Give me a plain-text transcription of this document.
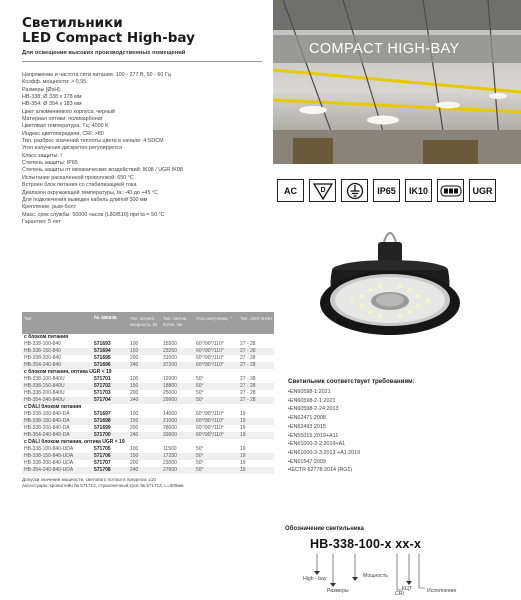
Светильники
LED Compact High-bay
Для освещения высоких производственных помещений
Напряжение и частота сети питания: 100 - 277 В, 50 - 60 Гц
Коэфф. мощности: > 0,95
Размеры [ØxH]:
HB-338: Ø 338 x 178 мм
HB-354: Ø 354 x 183 мм
Цвет алюминиевого корпуса: черный
Материал оптики: поликарбонат
Цветовая температура, Tц: 4000 K
Индекс цветопередачи, CRI: >80
Тип. разброс значений теплоты цвета в начале: 4 SDCM
Угол излучения дискретно регулируется
Класс защиты: I
Степень защиты: IP65
Степень защиты от механических воздействий: IK08 / UGR IK08
Испытание раскаленной проволокой: 650 °C
Встроен блок питания со стабилизацией тока
Диапазон окружающей температуры, ta: -40 до +45 °C
Для подключения выведен кабель длиной 300 мм
Крепление: рым-болт
Макс. срок службы: 50000 часов (L80/B10) при ta = 50 °C
Гарантия: 5 лет
COMPACT HIGH-BAY
AC	D	IP65	IK10	UGR
Тип	№ заказа	Тип. потреб. мощность, Вт	Тип. светов. поток, лм	Угол излучения, °	Тип. UGR 4H8H
с блоком питания					
HB-338-100-840	571693	100	15500	60°/90°/110°	27 - 28
HB-338-150-840	571694	150	23250	60°/90°/110°	27 - 28
HB-338-200-840	571695	200	31000	60°/90°/110°	27 - 28
HB-354-240-840	571696	240	37200	60°/90°/110°	27 - 28
с блоком питания, оптика UGR < 19					
HB-338-100-840U	571701	100	12000	50°	27 - 28
HB-338-150-840U	571702	150	18800	50°	27 - 28
HB-338-200-840U	571703	200	25000	50°	27 - 28
HB-354-240-840U	571704	240	29900	50°	27 - 28
с DALI блоком питания					
HB-338-100-840-DA	571697	100	14000	60°/90°/110°	19
HB-338-150-840-DA	571698	150	21000	60°/90°/110°	19
HB-338-200-840-DA	571699	200	28000	60°/90°/110°	19
HB-354-240-840-DA	571700	240	33600	60°/90°/110°	19
с DALI блоком питания, оптика UGR < 19					
HB-338-100-840-UDA	571705	100	11500	50°	19
HB-338-150-840-UDA	571706	150	17250	50°	19
HB-338-200-840-UDA	571707	200	23000	50°	19
HB-354-240-840-UDA	571708	240	27600	50°	19
Допуски значения мощности, светового потока в пределах ±10
Аксессуары: кронштейн № 571712, страховочный трос № 571713, L=300мм
Светильник соответствует требованиям:
•EN60598-1:2021
•EN60598-2-1:2021
•EN60598-2-24:2013
•EN62471:2008
•EN62493:2015
•EN55015:2019+A11
•EN61000-3-2:2019+A1
•EN61000-3-3:2013 +A1:2019
•EN61547:2009
•IECTR 62778:2014 (RG1)
Обозначение светильника
HB-338-100-x xx-x
High - bay
Размеры
Мощность
CRI
КЦТ	Исполнение
